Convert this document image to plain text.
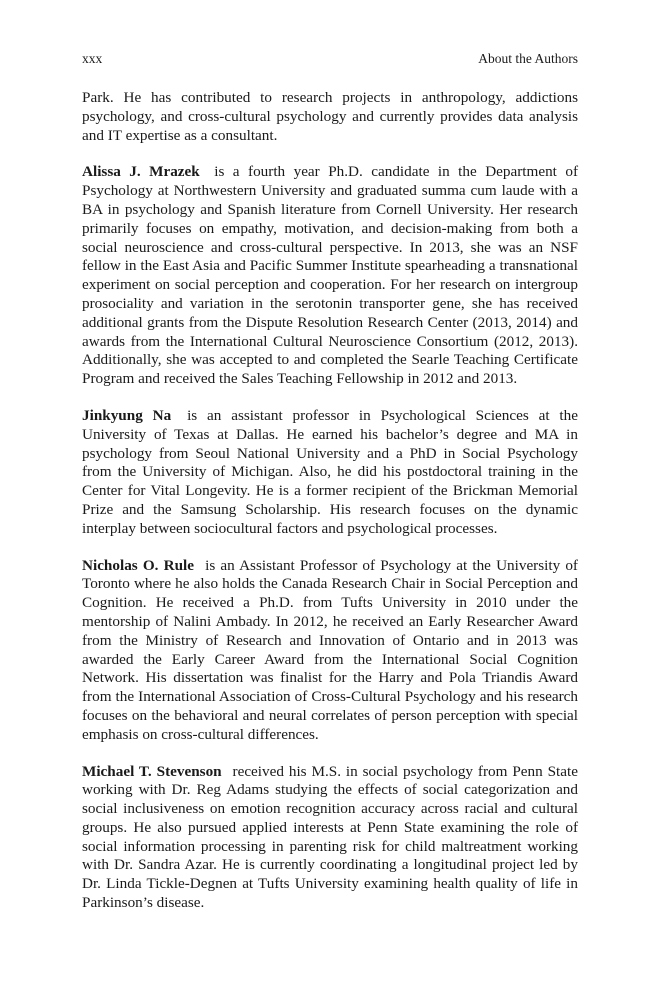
xxx	About the Authors

Park. He has contributed to research projects in anthropology, addictions psychology, and cross-cultural psychology and currently provides data analysis and IT expertise as a consultant.

Alissa J. Mrazek is a fourth year Ph.D. candidate in the Department of Psychology at Northwestern University and graduated summa cum laude with a BA in psychology and Spanish literature from Cornell University. Her research primarily focuses on empathy, motivation, and decision-making from both a social neuroscience and cross-cultural perspective. In 2013, she was an NSF fellow in the East Asia and Pacific Summer Institute spearheading a transnational experiment on social perception and cooperation. For her research on intergroup prosociality and variation in the serotonin transporter gene, she has received additional grants from the Dispute Resolution Research Center (2013, 2014) and awards from the International Cultural Neuroscience Consortium (2012, 2013). Additionally, she was accepted to and completed the Searle Teaching Certificate Program and received the Sales Teaching Fellowship in 2012 and 2013.

Jinkyung Na is an assistant professor in Psychological Sciences at the University of Texas at Dallas. He earned his bachelor’s degree and MA in psychology from Seoul National University and a PhD in Social Psychology from the University of Michigan. Also, he did his postdoctoral training in the Center for Vital Longevity. He is a former recipient of the Brickman Memorial Prize and the Samsung Scholarship. His research focuses on the dynamic interplay between sociocultural factors and psychological processes.

Nicholas O. Rule is an Assistant Professor of Psychology at the University of Toronto where he also holds the Canada Research Chair in Social Perception and Cognition. He received a Ph.D. from Tufts University in 2010 under the mentorship of Nalini Ambady. In 2012, he received an Early Researcher Award from the Ministry of Research and Innovation of Ontario and in 2013 was awarded the Early Career Award from the International Social Cognition Network. His dissertation was finalist for the Harry and Pola Triandis Award from the International Association of Cross-Cultural Psychology and his research focuses on the behavioral and neural correlates of person perception with special emphasis on cross-cultural differences.

Michael T. Stevenson received his M.S. in social psychology from Penn State working with Dr. Reg Adams studying the effects of social categorization and social inclusiveness on emotion recognition accuracy across racial and cultural groups. He also pursued applied interests at Penn State examining the role of social information processing in parenting risk for child maltreatment working with Dr. Sandra Azar. He is currently coordinating a longitudinal project led by Dr. Linda Tickle-Degnen at Tufts University examining health quality of life in Parkinson’s disease.
